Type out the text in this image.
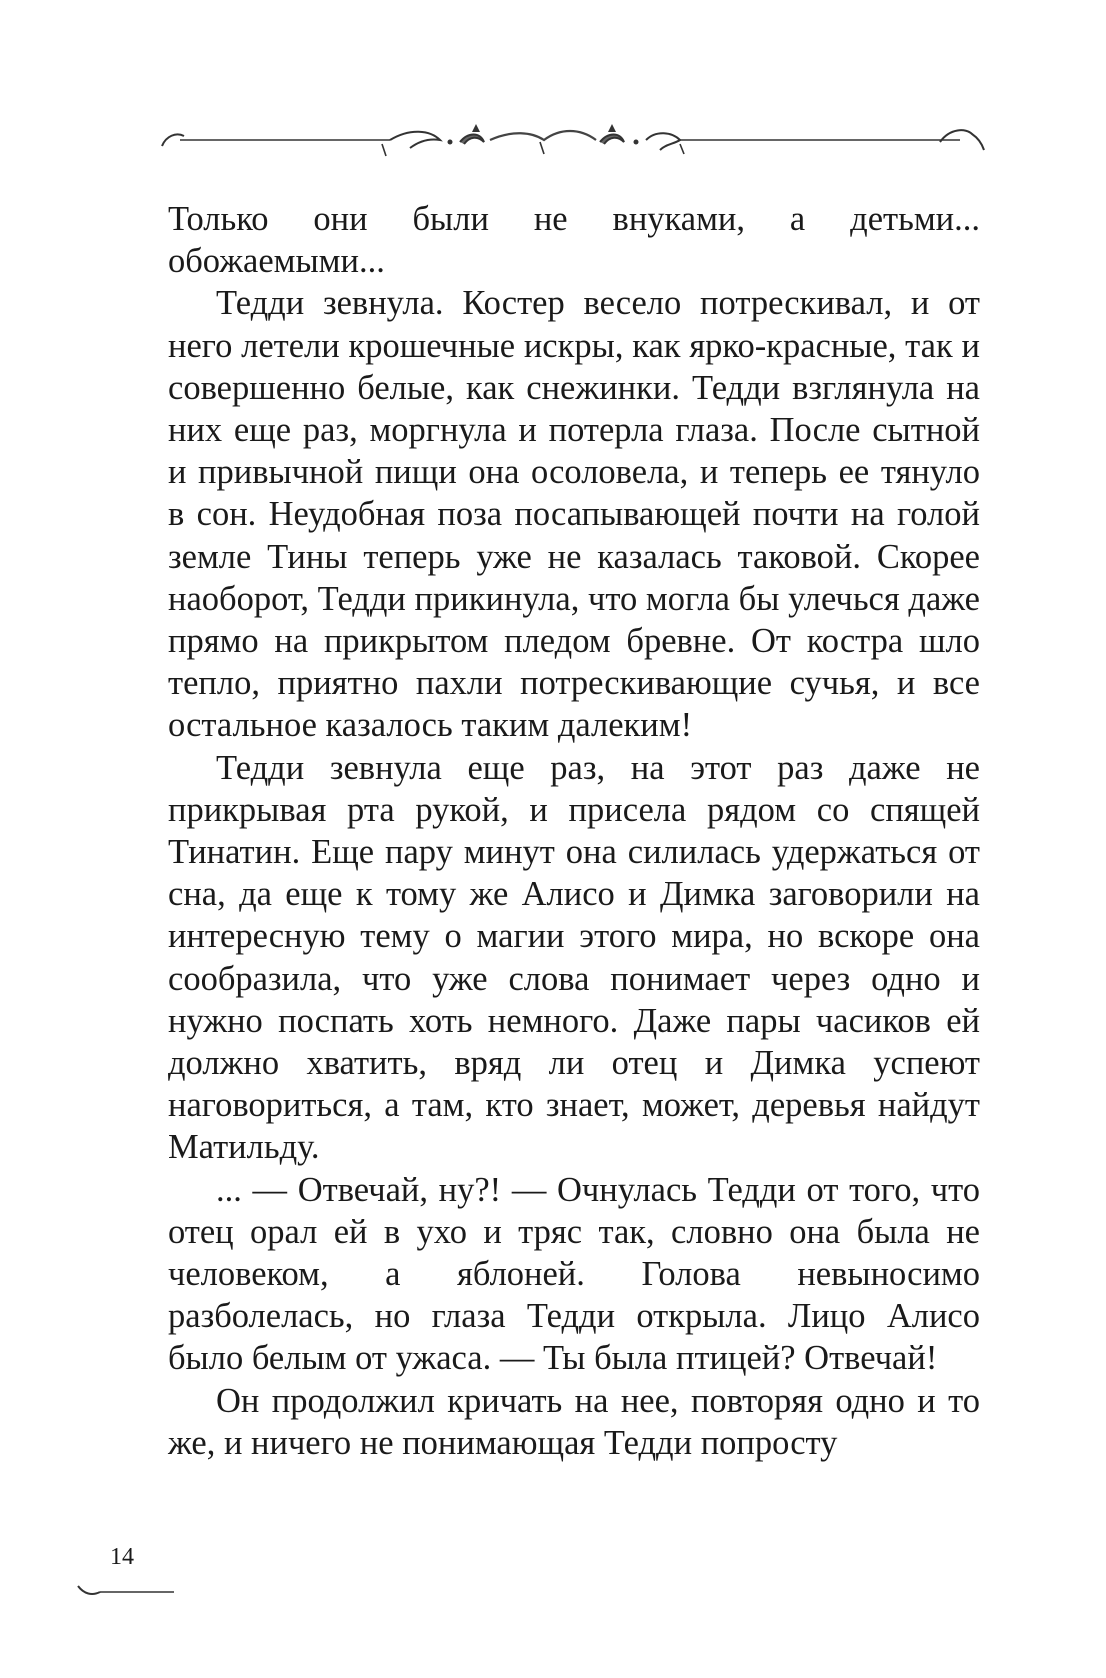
Только они были не внуками, а детьми... обожаемыми...

Тедди зевнула. Костер весело потрескивал, и от него летели крошечные искры, как ярко-красные, так и совершенно белые, как снежинки. Тедди взглянула на них еще раз, моргнула и потерла глаза. После сытной и привычной пищи она осоловела, и теперь ее тянуло в сон. Неудобная поза посапывающей почти на голой земле Тины теперь уже не казалась таковой. Скорее наоборот, Тедди прикинула, что могла бы улечься даже прямо на прикрытом пледом бревне. От костра шло тепло, приятно пахли потрескивающие сучья, и все остальное казалось таким далеким!

Тедди зевнула еще раз, на этот раз даже не прикрывая рта рукой, и присела рядом со спящей Тинатин. Еще пару минут она силилась удержаться от сна, да еще к тому же Алисо и Димка заговорили на интересную тему о магии этого мира, но вскоре она сообразила, что уже слова понимает через одно и нужно поспать хоть немного. Даже пары часиков ей должно хватить, вряд ли отец и Димка успеют наговориться, а там, кто знает, может, деревья найдут Матильду.

... — Отвечай, ну?! — Очнулась Тедди от того, что отец орал ей в ухо и тряс так, словно она была не человеком, а яблоней. Голова невыносимо разболелась, но глаза Тедди открыла. Лицо Алисо было белым от ужаса. — Ты была птицей? Отвечай!

Он продолжил кричать на нее, повторяя одно и то же, и ничего не понимающая Тедди попросту

14
